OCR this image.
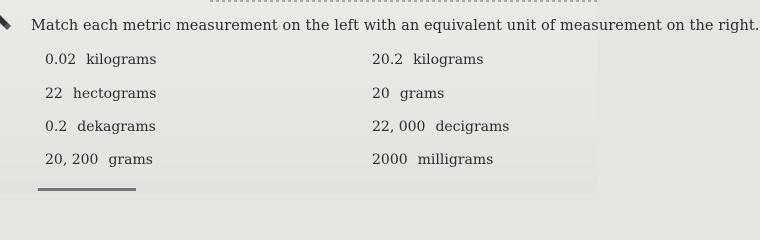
Match each metric measurement on the left with an equivalent unit of measurement on the right.
0.02 kilograms
22 hectograms
0.2 dekagrams
20, 200 grams
20.2 kilograms
20 grams
22, 000 decigrams
2000 milligrams
